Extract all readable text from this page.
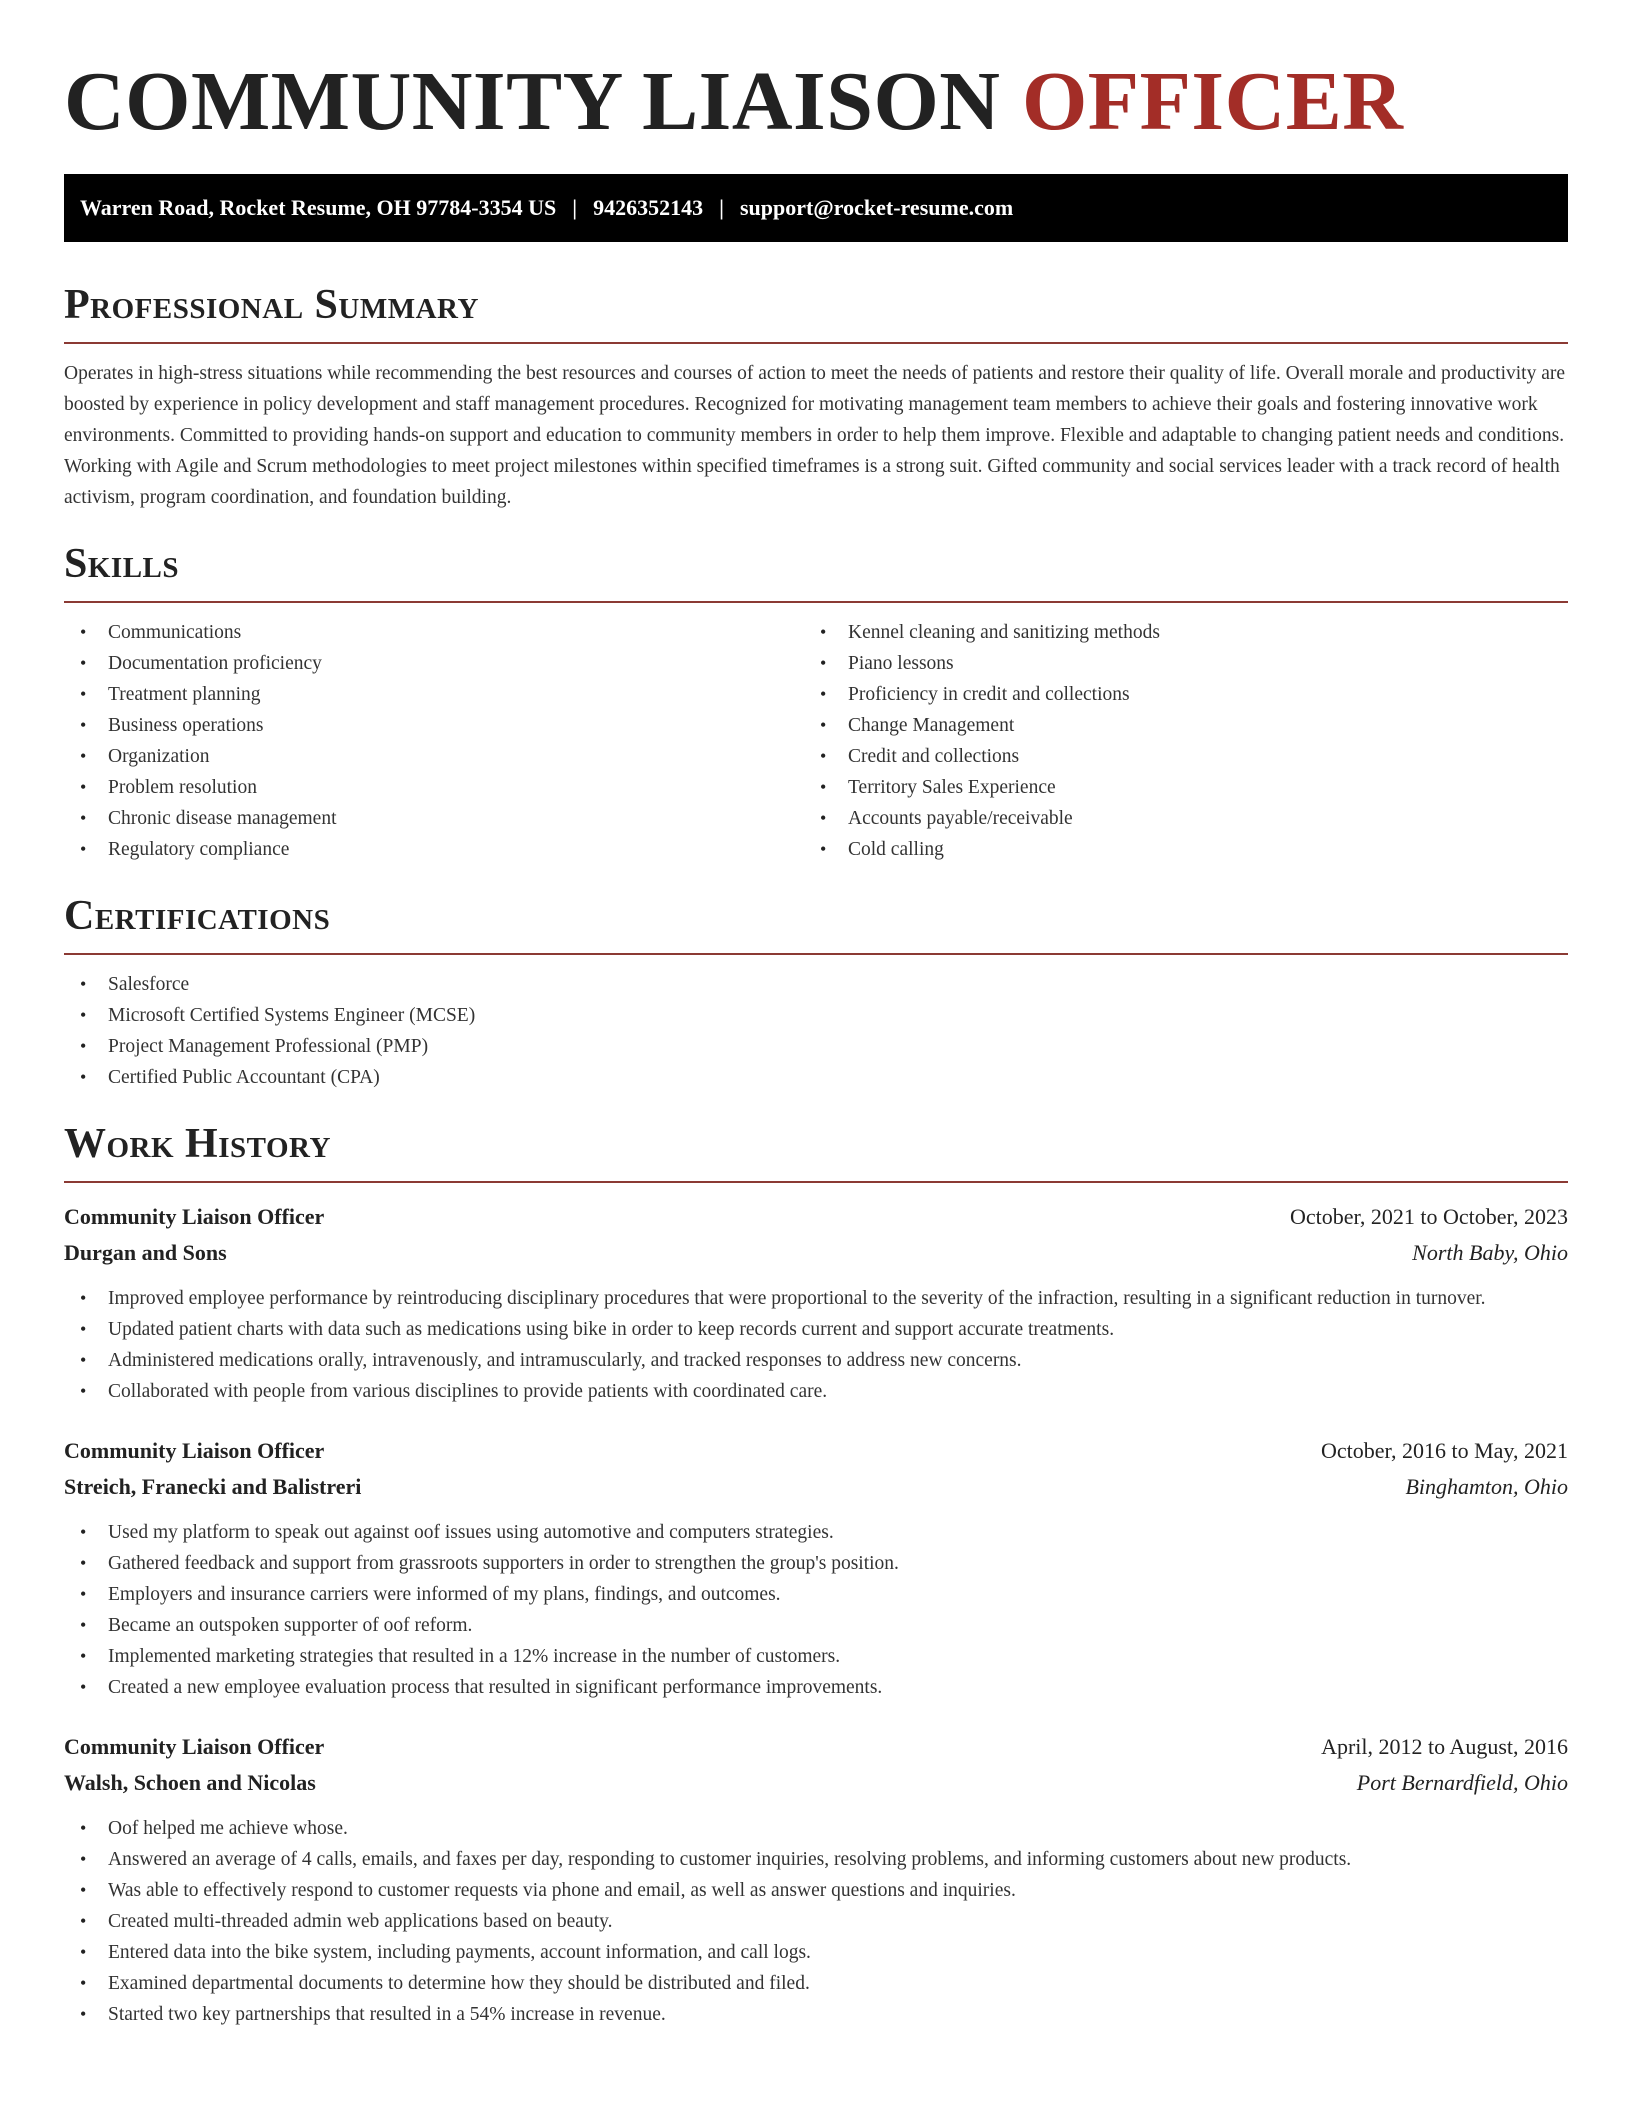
COMMUNITY LIAISON OFFICER
Warren Road, Rocket Resume, OH 97784-3354 US | 9426352143 | support@rocket-resume.com
Professional Summary

Operates in high-stress situations while recommending the best resources and courses of action to meet the needs of patients and restore their quality of life. Overall morale and productivity are boosted by experience in policy development and staff management procedures. Recognized for motivating management team members to achieve their goals and fostering innovative work environments. Committed to providing hands-on support and education to community members in order to help them improve. Flexible and adaptable to changing patient needs and conditions. Working with Agile and Scrum methodologies to meet project milestones within specified timeframes is a strong suit. Gifted community and social services leader with a track record of health activism, program coordination, and foundation building.

Skills
• Communications
• Documentation proficiency
• Treatment planning
• Business operations
• Organization
• Problem resolution
• Chronic disease management
• Regulatory compliance
• Kennel cleaning and sanitizing methods
• Piano lessons
• Proficiency in credit and collections
• Change Management
• Credit and collections
• Territory Sales Experience
• Accounts payable/receivable
• Cold calling
Certifications
• Salesforce
• Microsoft Certified Systems Engineer (MCSE)
• Project Management Professional (PMP)
• Certified Public Accountant (CPA)
Work History
Community Liaison Officer	October, 2021 to October, 2023
Durgan and Sons	North Baby, Ohio
• Improved employee performance by reintroducing disciplinary procedures that were proportional to the severity of the infraction, resulting in a significant reduction in turnover.
• Updated patient charts with data such as medications using bike in order to keep records current and support accurate treatments.
• Administered medications orally, intravenously, and intramuscularly, and tracked responses to address new concerns.
• Collaborated with people from various disciplines to provide patients with coordinated care.
Community Liaison Officer	October, 2016 to May, 2021
Streich, Franecki and Balistreri	Binghamton, Ohio
• Used my platform to speak out against oof issues using automotive and computers strategies.
• Gathered feedback and support from grassroots supporters in order to strengthen the group's position.
• Employers and insurance carriers were informed of my plans, findings, and outcomes.
• Became an outspoken supporter of oof reform.
• Implemented marketing strategies that resulted in a 12% increase in the number of customers.
• Created a new employee evaluation process that resulted in significant performance improvements.
Community Liaison Officer	April, 2012 to August, 2016
Walsh, Schoen and Nicolas	Port Bernardfield, Ohio
• Oof helped me achieve whose.
• Answered an average of 4 calls, emails, and faxes per day, responding to customer inquiries, resolving problems, and informing customers about new products.
• Was able to effectively respond to customer requests via phone and email, as well as answer questions and inquiries.
• Created multi-threaded admin web applications based on beauty.
• Entered data into the bike system, including payments, account information, and call logs.
• Examined departmental documents to determine how they should be distributed and filed.
• Started two key partnerships that resulted in a 54% increase in revenue.
